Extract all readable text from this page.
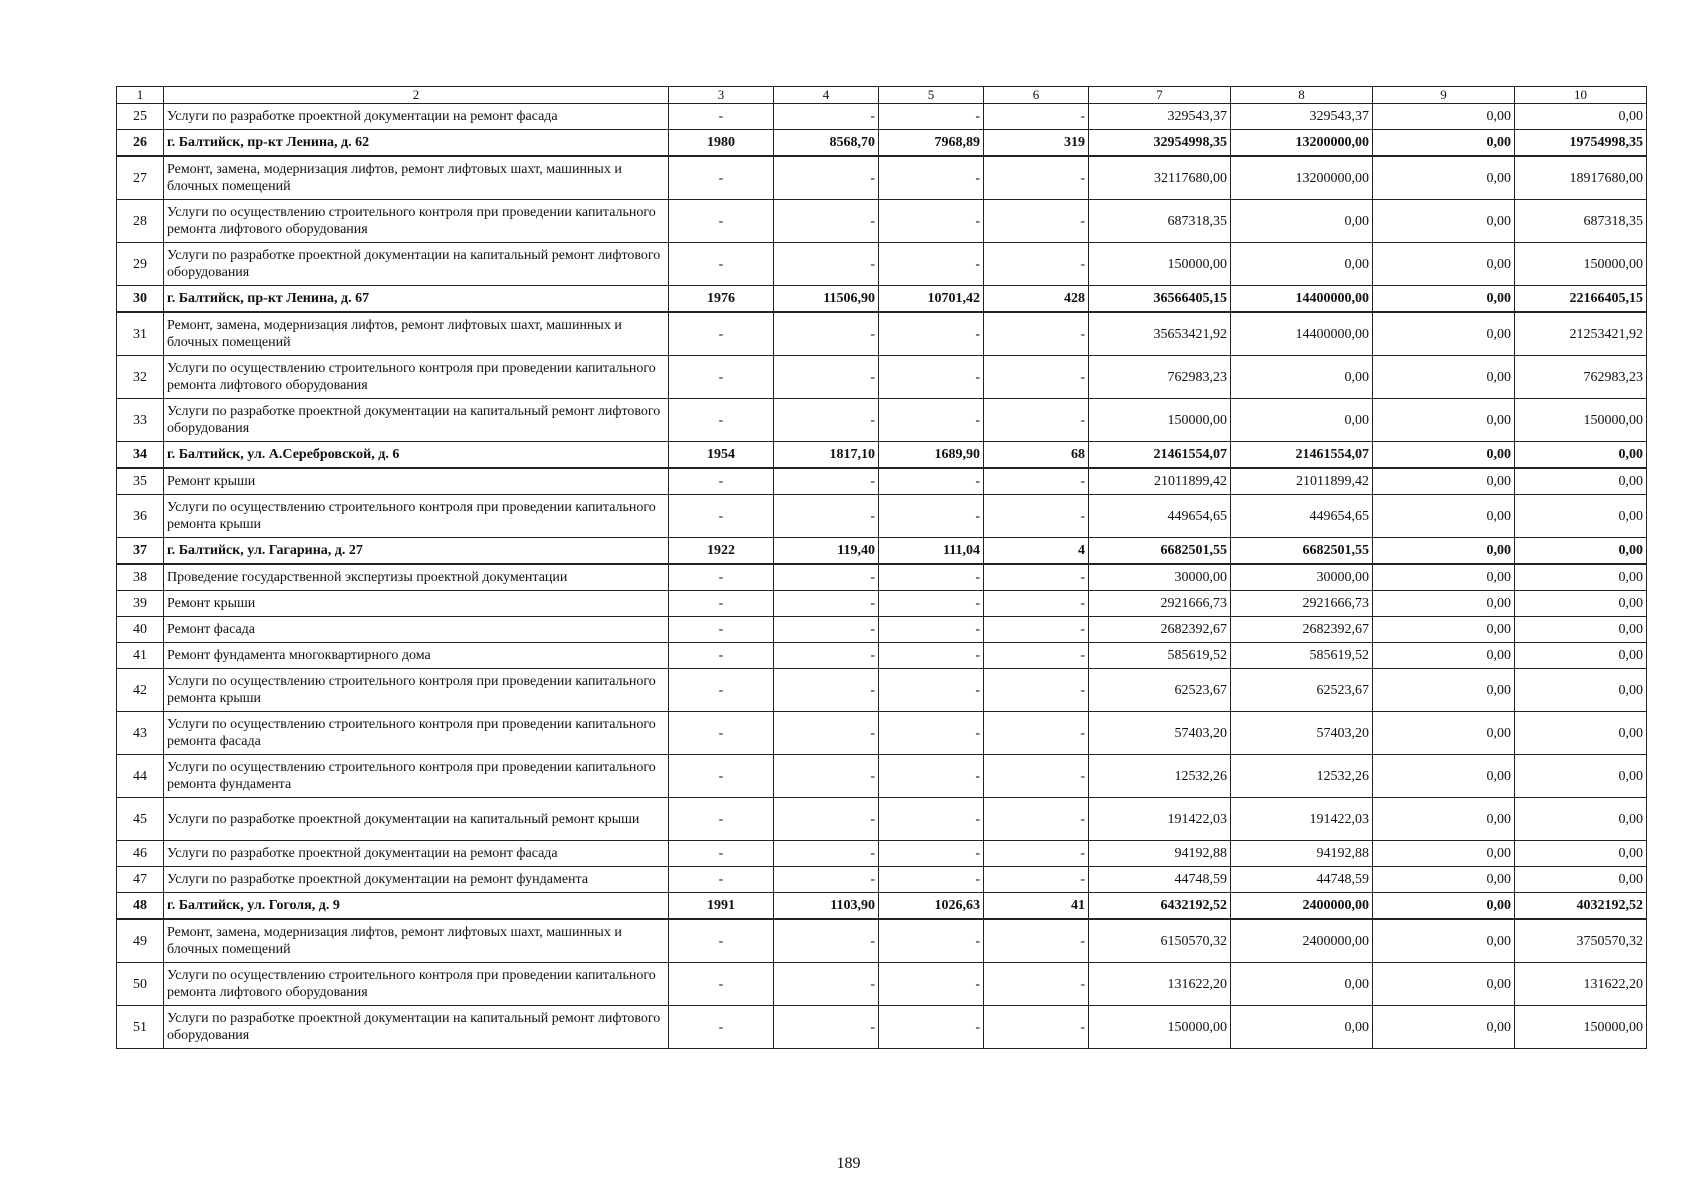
1	2	3	4	5	6	7	8	9	10
25	Услуги по разработке проектной документации на ремонт фасада	-	-	-	-	329543,37	329543,37	0,00	0,00
26	г. Балтийск, пр-кт Ленина, д. 62	1980	8568,70	7968,89	319	32954998,35	13200000,00	0,00	19754998,35
27	Ремонт, замена, модернизация лифтов, ремонт лифтовых шахт, машинных и блочных помещений	-	-	-	-	32117680,00	13200000,00	0,00	18917680,00
28	Услуги по осуществлению строительного контроля при проведении капитального ремонта лифтового оборудования	-	-	-	-	687318,35	0,00	0,00	687318,35
29	Услуги по разработке проектной документации на капитальный ремонт лифтового оборудования	-	-	-	-	150000,00	0,00	0,00	150000,00
30	г. Балтийск, пр-кт Ленина, д. 67	1976	11506,90	10701,42	428	36566405,15	14400000,00	0,00	22166405,15
31	Ремонт, замена, модернизация лифтов, ремонт лифтовых шахт, машинных и блочных помещений	-	-	-	-	35653421,92	14400000,00	0,00	21253421,92
32	Услуги по осуществлению строительного контроля при проведении капитального ремонта лифтового оборудования	-	-	-	-	762983,23	0,00	0,00	762983,23
33	Услуги по разработке проектной документации на капитальный ремонт лифтового оборудования	-	-	-	-	150000,00	0,00	0,00	150000,00
34	г. Балтийск, ул. А.Серебровской, д. 6	1954	1817,10	1689,90	68	21461554,07	21461554,07	0,00	0,00
35	Ремонт крыши	-	-	-	-	21011899,42	21011899,42	0,00	0,00
36	Услуги по осуществлению строительного контроля при проведении капитального ремонта крыши	-	-	-	-	449654,65	449654,65	0,00	0,00
37	г. Балтийск, ул. Гагарина, д. 27	1922	119,40	111,04	4	6682501,55	6682501,55	0,00	0,00
38	Проведение государственной экспертизы проектной документации	-	-	-	-	30000,00	30000,00	0,00	0,00
39	Ремонт крыши	-	-	-	-	2921666,73	2921666,73	0,00	0,00
40	Ремонт фасада	-	-	-	-	2682392,67	2682392,67	0,00	0,00
41	Ремонт фундамента многоквартирного дома	-	-	-	-	585619,52	585619,52	0,00	0,00
42	Услуги по осуществлению строительного контроля при проведении капитального ремонта крыши	-	-	-	-	62523,67	62523,67	0,00	0,00
43	Услуги по осуществлению строительного контроля при проведении капитального ремонта фасада	-	-	-	-	57403,20	57403,20	0,00	0,00
44	Услуги по осуществлению строительного контроля при проведении капитального ремонта фундамента	-	-	-	-	12532,26	12532,26	0,00	0,00
45	Услуги по разработке проектной документации на капитальный ремонт крыши	-	-	-	-	191422,03	191422,03	0,00	0,00
46	Услуги по разработке проектной документации на ремонт фасада	-	-	-	-	94192,88	94192,88	0,00	0,00
47	Услуги по разработке проектной документации на ремонт фундамента	-	-	-	-	44748,59	44748,59	0,00	0,00
48	г. Балтийск, ул. Гоголя, д. 9	1991	1103,90	1026,63	41	6432192,52	2400000,00	0,00	4032192,52
49	Ремонт, замена, модернизация лифтов, ремонт лифтовых шахт, машинных и блочных помещений	-	-	-	-	6150570,32	2400000,00	0,00	3750570,32
50	Услуги по осуществлению строительного контроля при проведении капитального ремонта лифтового оборудования	-	-	-	-	131622,20	0,00	0,00	131622,20
51	Услуги по разработке проектной документации на капитальный ремонт лифтового оборудования	-	-	-	-	150000,00	0,00	0,00	150000,00
189
